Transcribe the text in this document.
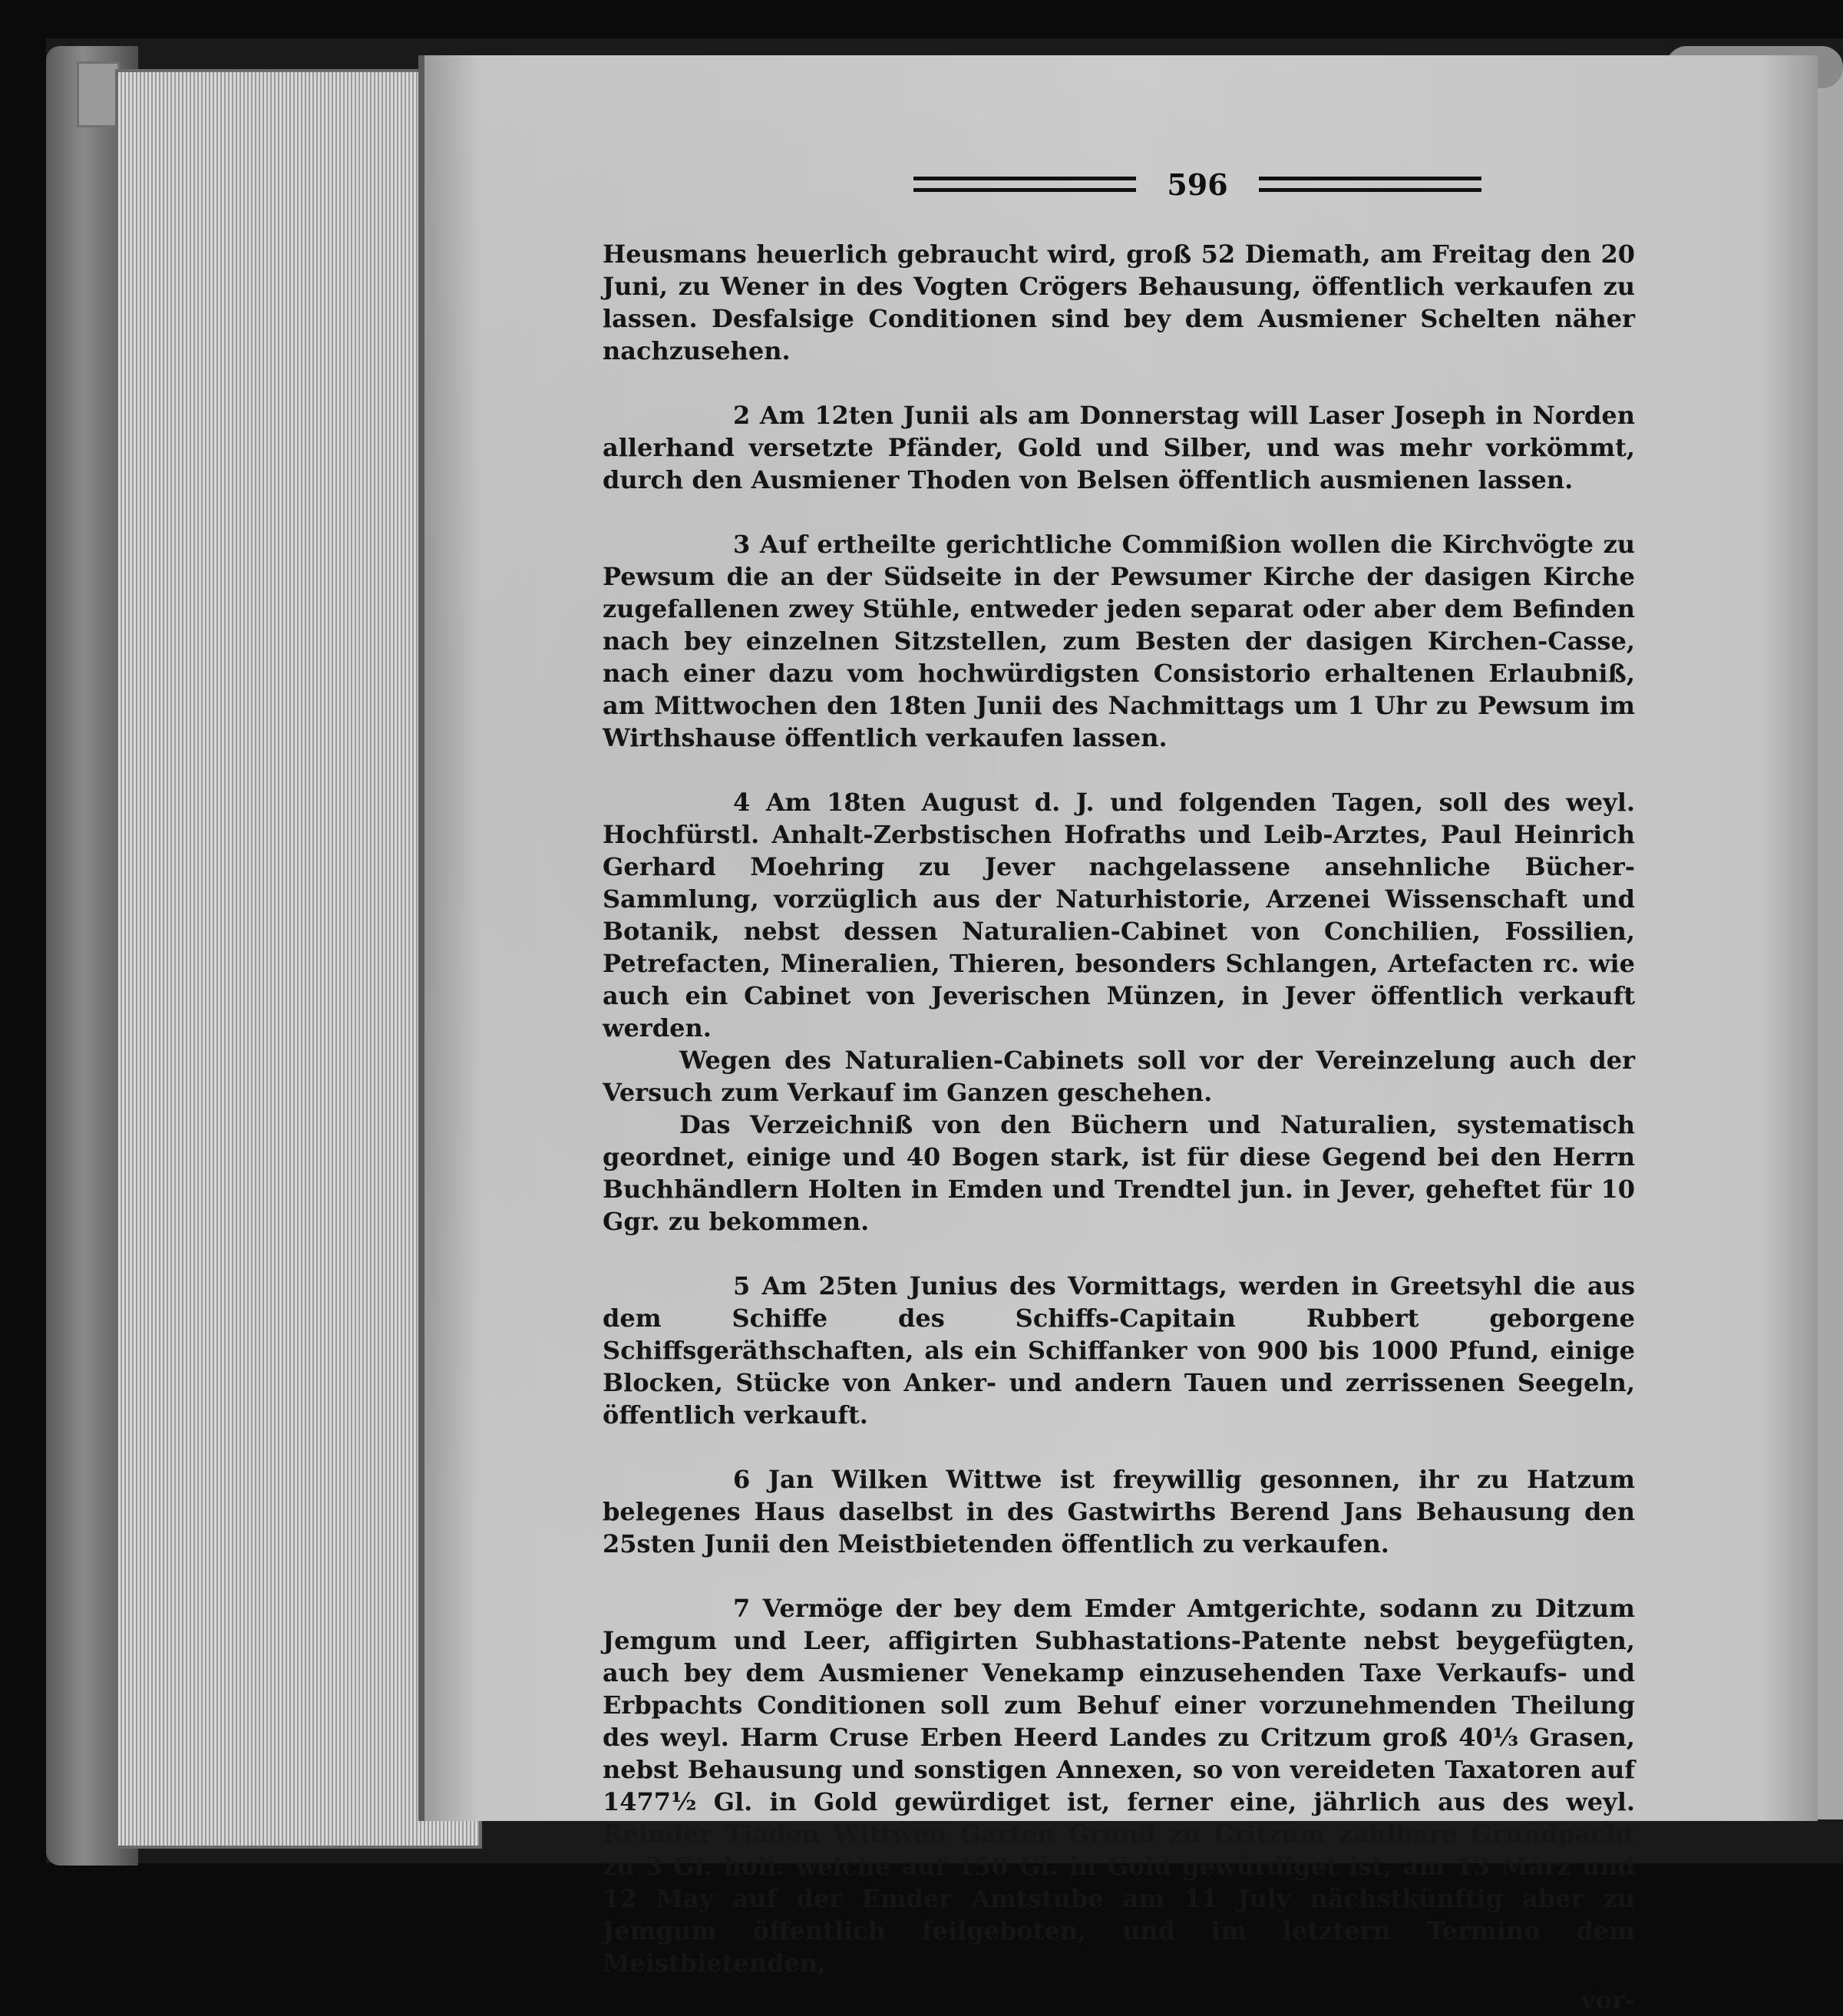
596

Heusmans heuerlich gebraucht wird, groß 52 Diemath, am Freitag den 20 Juni, zu Wener in des Vogten Crögers Behausung, öffentlich verkaufen zu lassen. Desfalsige Conditionen sind bey dem Ausmiener Schelten näher nachzusehen.

2 Am 12ten Junii als am Donnerstag will Laser Joseph in Norden allerhand versetzte Pfänder, Gold und Silber, und was mehr vorkömmt, durch den Ausmiener Thoden von Belsen öffentlich ausmienen lassen.

3 Auf ertheilte gerichtliche Commißion wollen die Kirchvögte zu Pewsum die an der Südseite in der Pewsumer Kirche der dasigen Kirche zugefallenen zwey Stühle, entweder jeden separat oder aber dem Befinden nach bey einzelnen Sitzstellen, zum Besten der dasigen Kirchen-Casse, nach einer dazu vom hochwürdigsten Consistorio erhaltenen Erlaubniß, am Mittwochen den 18ten Junii des Nachmittags um 1 Uhr zu Pewsum im Wirthshause öffentlich verkaufen lassen.

4 Am 18ten August d. J. und folgenden Tagen, soll des weyl. Hochfürstl. Anhalt-Zerbstischen Hofraths und Leib-Arztes, Paul Heinrich Gerhard Moehring zu Jever nachgelassene ansehnliche Bücher-Sammlung, vorzüglich aus der Naturhistorie, Arzenei Wissenschaft und Botanik, nebst dessen Naturalien-Cabinet von Conchilien, Fossilien, Petrefacten, Mineralien, Thieren, besonders Schlangen, Artefacten rc. wie auch ein Cabinet von Jeverischen Münzen, in Jever öffentlich verkauft werden.

Wegen des Naturalien-Cabinets soll vor der Vereinzelung auch der Versuch zum Verkauf im Ganzen geschehen.

Das Verzeichniß von den Büchern und Naturalien, systematisch geordnet, einige und 40 Bogen stark, ist für diese Gegend bei den Herrn Buchhändlern Holten in Emden und Trendtel jun. in Jever, geheftet für 10 Ggr. zu bekommen.

5 Am 25ten Junius des Vormittags, werden in Greetsyhl die aus dem Schiffe des Schiffs-Capitain Rubbert geborgene Schiffsgeräthschaften, als ein Schiffanker von 900 bis 1000 Pfund, einige Blocken, Stücke von Anker- und andern Tauen und zerrissenen Seegeln, öffentlich verkauft.

6 Jan Wilken Wittwe ist freywillig gesonnen, ihr zu Hatzum belegenes Haus daselbst in des Gastwirths Berend Jans Behausung den 25sten Junii den Meistbietenden öffentlich zu verkaufen.

7 Vermöge der bey dem Emder Amtgerichte, sodann zu Ditzum Jemgum und Leer, affigirten Subhastations-Patente nebst beygefügten, auch bey dem Ausmiener Venekamp einzusehenden Taxe Verkaufs- und Erbpachts Conditionen soll zum Behuf einer vorzunehmenden Theilung des weyl. Harm Cruse Erben Heerd Landes zu Critzum groß 40⅓ Grasen, nebst Behausung und sonstigen Annexen, so von vereideten Taxatoren auf 1477½ Gl. in Gold gewürdiget ist, ferner eine, jährlich aus des weyl. Reinder Tiaden Wittwen Garten Grund zu Critzum zahlbare Grundpacht zu 3 Gl. holl. welche auf 150 Gl. in Gold gewürdiget ist, am 13 März und 12 May auf der Emder Amtstube am 11 July nächstkünftig aber zu Jemgum öffentlich feilgeboten, und im letztern Termino dem Meistbietenden,

vor-
